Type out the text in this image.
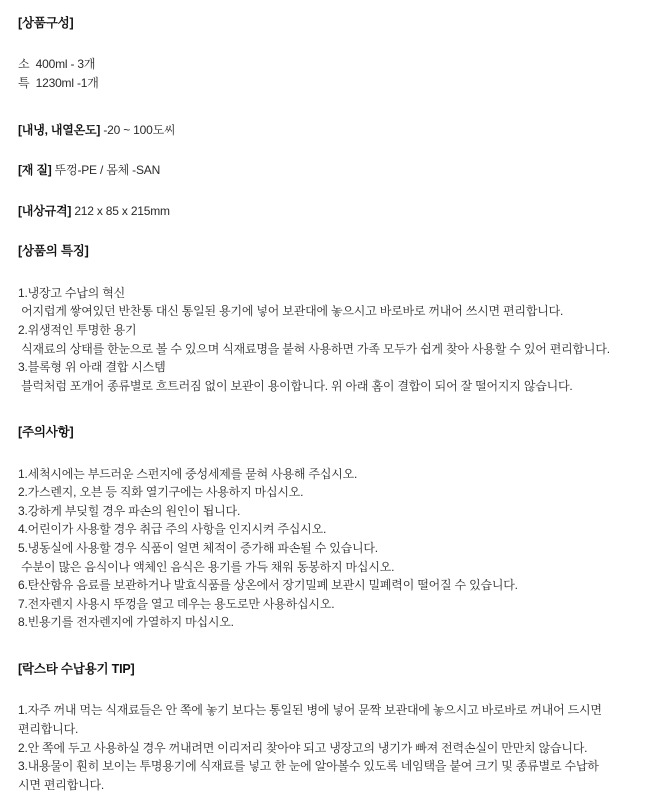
[상품구성]

소  400ml - 3개

특  1230ml -1개

[내냉, 내열온도] -20 ~ 100도씨
[재 질] 뚜껑-PE / 몸체 -SAN
[내상규격] 212 x 85 x 215mm

[상품의 특징]

1.냉장고 수납의 혁신

어지럽게 쌓여있던 반찬통 대신 통일된 용기에 넣어 보관대에 놓으시고 바로바로 꺼내어 쓰시면 편리합니다.

2.위생적인 투명한 용기

식재료의 상태를 한눈으로 볼 수 있으며 식재료명을 붙혀 사용하면 가족 모두가 쉽게 찾아 사용할 수 있어 편리합니다.

3.블록형 위 아래 결합 시스템

블럭처럼 포개어 종류별로 흐트러짐 없이 보관이 용이합니다. 위 아래 홈이 결합이 되어 잘 떨어지지 않습니다.

[주의사항]

1.세척시에는 부드러운 스펀지에 중성세제를 묻혀 사용해 주십시오.

2.가스렌지, 오븐 등 직화 열기구에는 사용하지 마십시오.

3.강하게 부딪힐 경우 파손의 원인이 됩니다.

4.어린이가 사용할 경우 취급 주의 사항을 인지시켜 주십시오.

5.냉동실에 사용할 경우 식품이 얼면 체적이 증가해 파손될 수 있습니다.

수분이 많은 음식이나 액체인 음식은 용기를 가득 채워 동봉하지 마십시오.

6.탄산함유 음료를 보관하거나 발효식품를 상온에서 장기밀폐 보관시 밀폐력이 떨어질 수 있습니다.

7.전자렌지 사용시 뚜껑을 열고 데우는 용도로만 사용하십시오.

8.빈용기를 전자렌지에 가열하지 마십시오.

[락스타 수납용기 TIP]

1.자주 꺼내 먹는 식재료들은 안 쪽에 놓기 보다는 통일된 병에 넣어 문짝 보관대에 놓으시고 바로바로 꺼내어 드시면

편리합니다.

2.안 쪽에 두고 사용하실 경우 꺼내려면 이리저리 찾아야 되고 냉장고의 냉기가 빠져 전력손실이 만만치 않습니다.

3.내용물이 훤히 보이는 투명용기에 식재료를 넣고 한 눈에 알아볼수 있도록 네임택을 붙여 크기 및 종류별로 수납하

시면 편리합니다.
